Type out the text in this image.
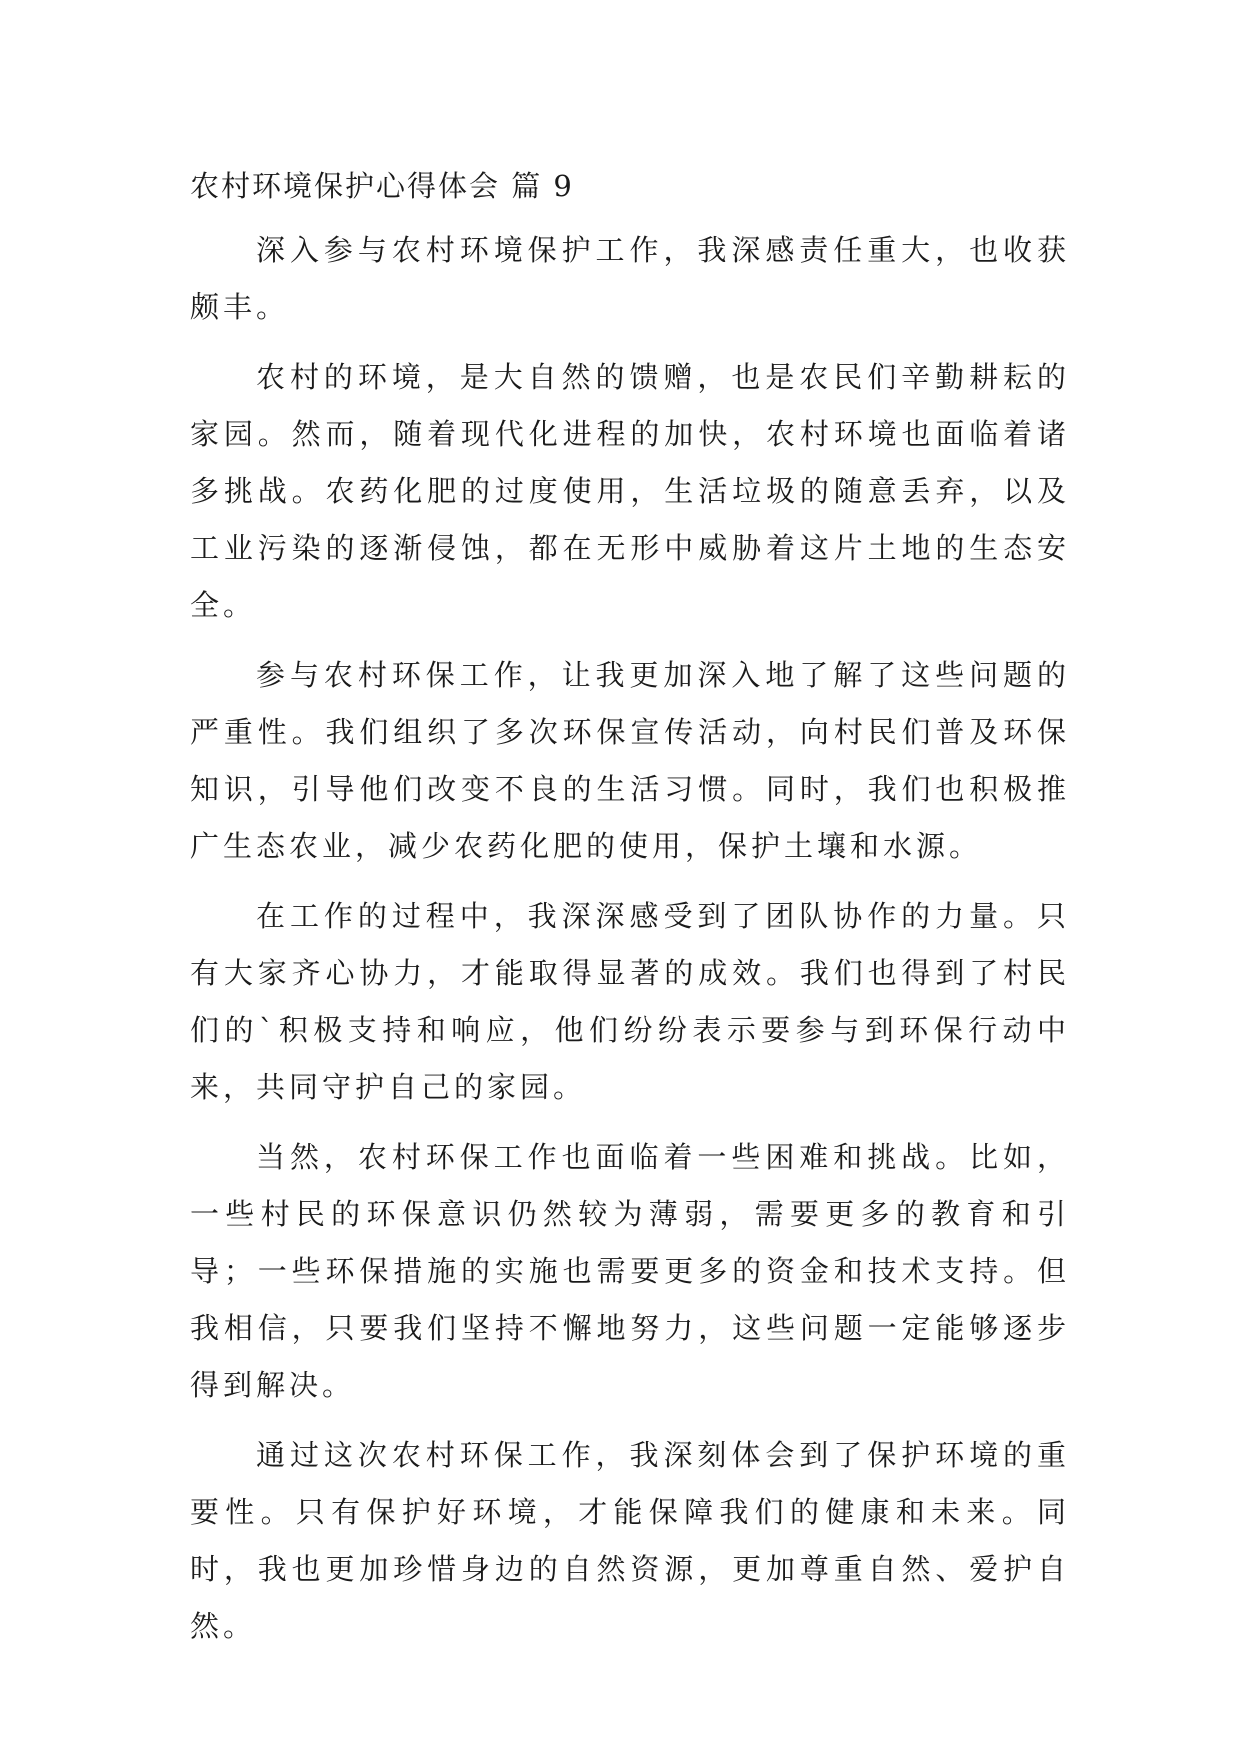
农村环境保护心得体会 篇 9

深入参与农村环境保护工作，我深感责任重大，也收获颇丰。

农村的环境，是大自然的馈赠，也是农民们辛勤耕耘的家园。然而，随着现代化进程的加快，农村环境也面临着诸多挑战。农药化肥的过度使用，生活垃圾的随意丢弃，以及工业污染的逐渐侵蚀，都在无形中威胁着这片土地的生态安全。

参与农村环保工作，让我更加深入地了解了这些问题的严重性。我们组织了多次环保宣传活动，向村民们普及环保知识，引导他们改变不良的生活习惯。同时，我们也积极推广生态农业，减少农药化肥的使用，保护土壤和水源。

在工作的过程中，我深深感受到了团队协作的力量。只有大家齐心协力，才能取得显著的成效。我们也得到了村民们的`积极支持和响应，他们纷纷表示要参与到环保行动中来，共同守护自己的家园。

当然，农村环保工作也面临着一些困难和挑战。比如，一些村民的环保意识仍然较为薄弱，需要更多的教育和引导；一些环保措施的实施也需要更多的资金和技术支持。但我相信，只要我们坚持不懈地努力，这些问题一定能够逐步得到解决。

通过这次农村环保工作，我深刻体会到了保护环境的重要性。只有保护好环境，才能保障我们的健康和未来。同时，我也更加珍惜身边的自然资源，更加尊重自然、爱护自然。
